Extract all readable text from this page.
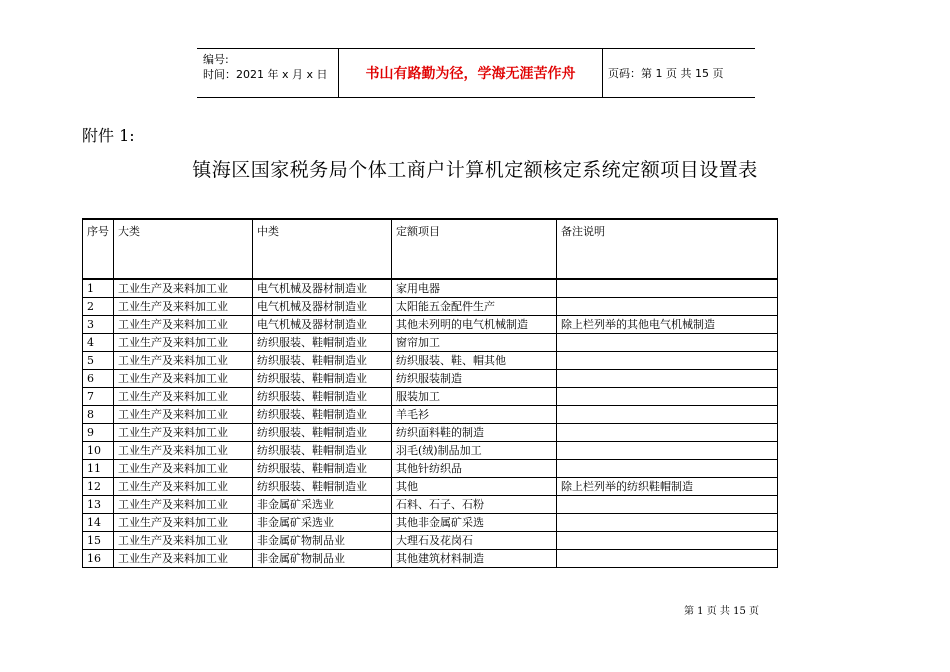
编号:
时间：2021 年 x 月 x 日	书山有路勤为径，学海无涯苦作舟	页码：第 1 页 共 15 页
附件 1:
镇海区国家税务局个体工商户计算机定额核定系统定额项目设置表
序号	大类	中类	定额项目	备注说明
1	工业生产及来料加工业	电气机械及器材制造业	家用电器	
2	工业生产及来料加工业	电气机械及器材制造业	太阳能五金配件生产	
3	工业生产及来料加工业	电气机械及器材制造业	其他未列明的电气机械制造	除上栏列举的其他电气机械制造
4	工业生产及来料加工业	纺织服装、鞋帽制造业	窗帘加工	
5	工业生产及来料加工业	纺织服装、鞋帽制造业	纺织服装、鞋、帽其他	
6	工业生产及来料加工业	纺织服装、鞋帽制造业	纺织服装制造	
7	工业生产及来料加工业	纺织服装、鞋帽制造业	服装加工	
8	工业生产及来料加工业	纺织服装、鞋帽制造业	羊毛衫	
9	工业生产及来料加工业	纺织服装、鞋帽制造业	纺织面料鞋的制造	
10	工业生产及来料加工业	纺织服装、鞋帽制造业	羽毛(绒)制品加工	
11	工业生产及来料加工业	纺织服装、鞋帽制造业	其他针纺织品	
12	工业生产及来料加工业	纺织服装、鞋帽制造业	其他	除上栏列举的纺织鞋帽制造
13	工业生产及来料加工业	非金属矿采选业	石料、石子、石粉	
14	工业生产及来料加工业	非金属矿采选业	其他非金属矿采选	
15	工业生产及来料加工业	非金属矿物制品业	大理石及花岗石	
16	工业生产及来料加工业	非金属矿物制品业	其他建筑材料制造	
第 1 页 共 15 页
